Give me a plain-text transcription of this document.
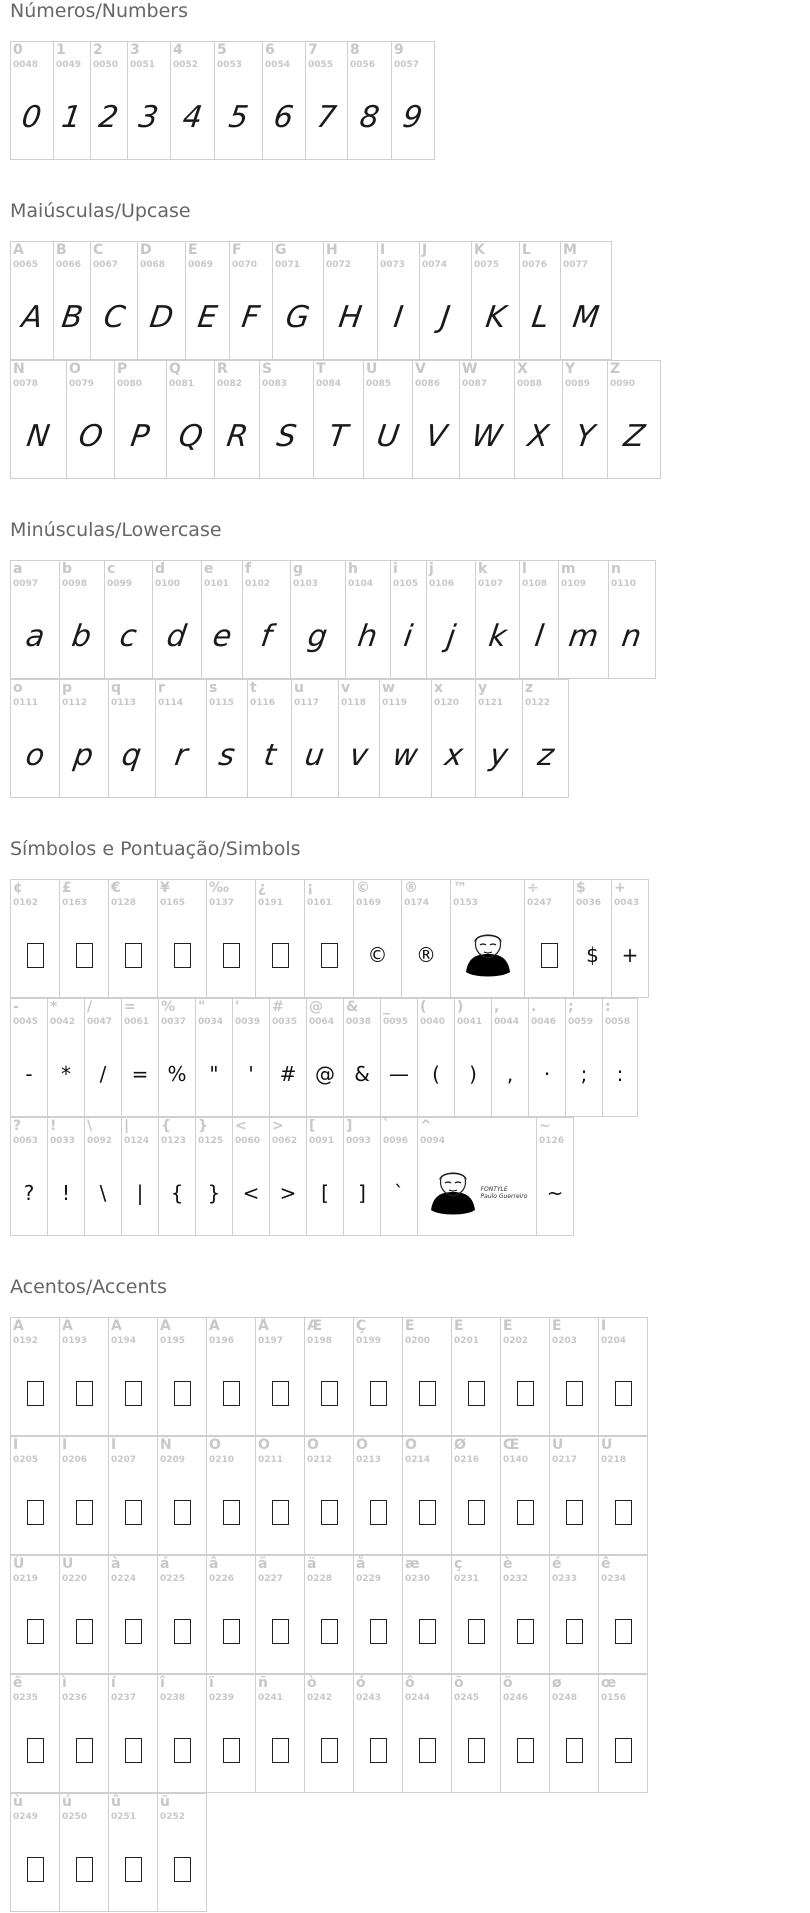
Números/Numbers
0
0048
0
1
0049
1
2
0050
2
3
0051
3
4
0052
4
5
0053
5
6
0054
6
7
0055
7
8
0056
8
9
0057
9
Maiúsculas/Upcase
A
0065
A
B
0066
B
C
0067
C
D
0068
D
E
0069
E
F
0070
F
G
0071
G
H
0072
H
I
0073
I
J
0074
J
K
0075
K
L
0076
L
M
0077
M
N
0078
N
O
0079
O
P
0080
P
Q
0081
Q
R
0082
R
S
0083
S
T
0084
T
U
0085
U
V
0086
V
W
0087
W
X
0088
X
Y
0089
Y
Z
0090
Z
Minúsculas/Lowercase
a
0097
a
b
0098
b
c
0099
c
d
0100
d
e
0101
e
f
0102
f
g
0103
g
h
0104
h
i
0105
i
j
0106
j
k
0107
k
l
0108
l
m
0109
m
n
0110
n
o
0111
o
p
0112
p
q
0113
q
r
0114
r
s
0115
s
t
0116
t
u
0117
u
v
0118
v
w
0119
w
x
0120
x
y
0121
y
z
0122
z
Símbolos e Pontuação/Simbols
¢
0162
£
0163
€
0128
¥
0165
‰
0137
¿
0191
¡
0161
©
0169
©
®
0174
®
™
0153
÷
0247
$
0036
$
+
0043
+
-
0045
-
*
0042
*
/
0047
/
=
0061
=
%
0037
%
"
0034
"
'
0039
'
#
0035
#
@
0064
@
&
0038
&
_
0095
—
(
0040
(
)
0041
)
,
0044
,
.
0046
·
;
0059
;
:
0058
:
?
0063
?
!
0033
!
\
0092
\
|
0124
|
{
0123
{
}
0125
}
<
0060
<
>
0062
>
[
0091
[
]
0093
]
`
0096
`
^
0094
FONTYLE
Paulo Guerreiro
~
0126
~
Acentos/Accents
À
0192
Á
0193
Â
0194
Ã
0195
Ä
0196
Å
0197
Æ
0198
Ç
0199
È
0200
É
0201
Ê
0202
Ë
0203
Ì
0204
Í
0205
Î
0206
Ï
0207
Ñ
0209
Ò
0210
Ó
0211
Ô
0212
Õ
0213
Ö
0214
Ø
0216
Œ
0140
Ù
0217
Ú
0218
Û
0219
Ü
0220
à
0224
á
0225
â
0226
ã
0227
ä
0228
å
0229
æ
0230
ç
0231
è
0232
é
0233
ê
0234
ë
0235
ì
0236
í
0237
î
0238
ï
0239
ñ
0241
ò
0242
ó
0243
ô
0244
õ
0245
ö
0246
ø
0248
œ
0156
ù
0249
ú
0250
û
0251
ü
0252
